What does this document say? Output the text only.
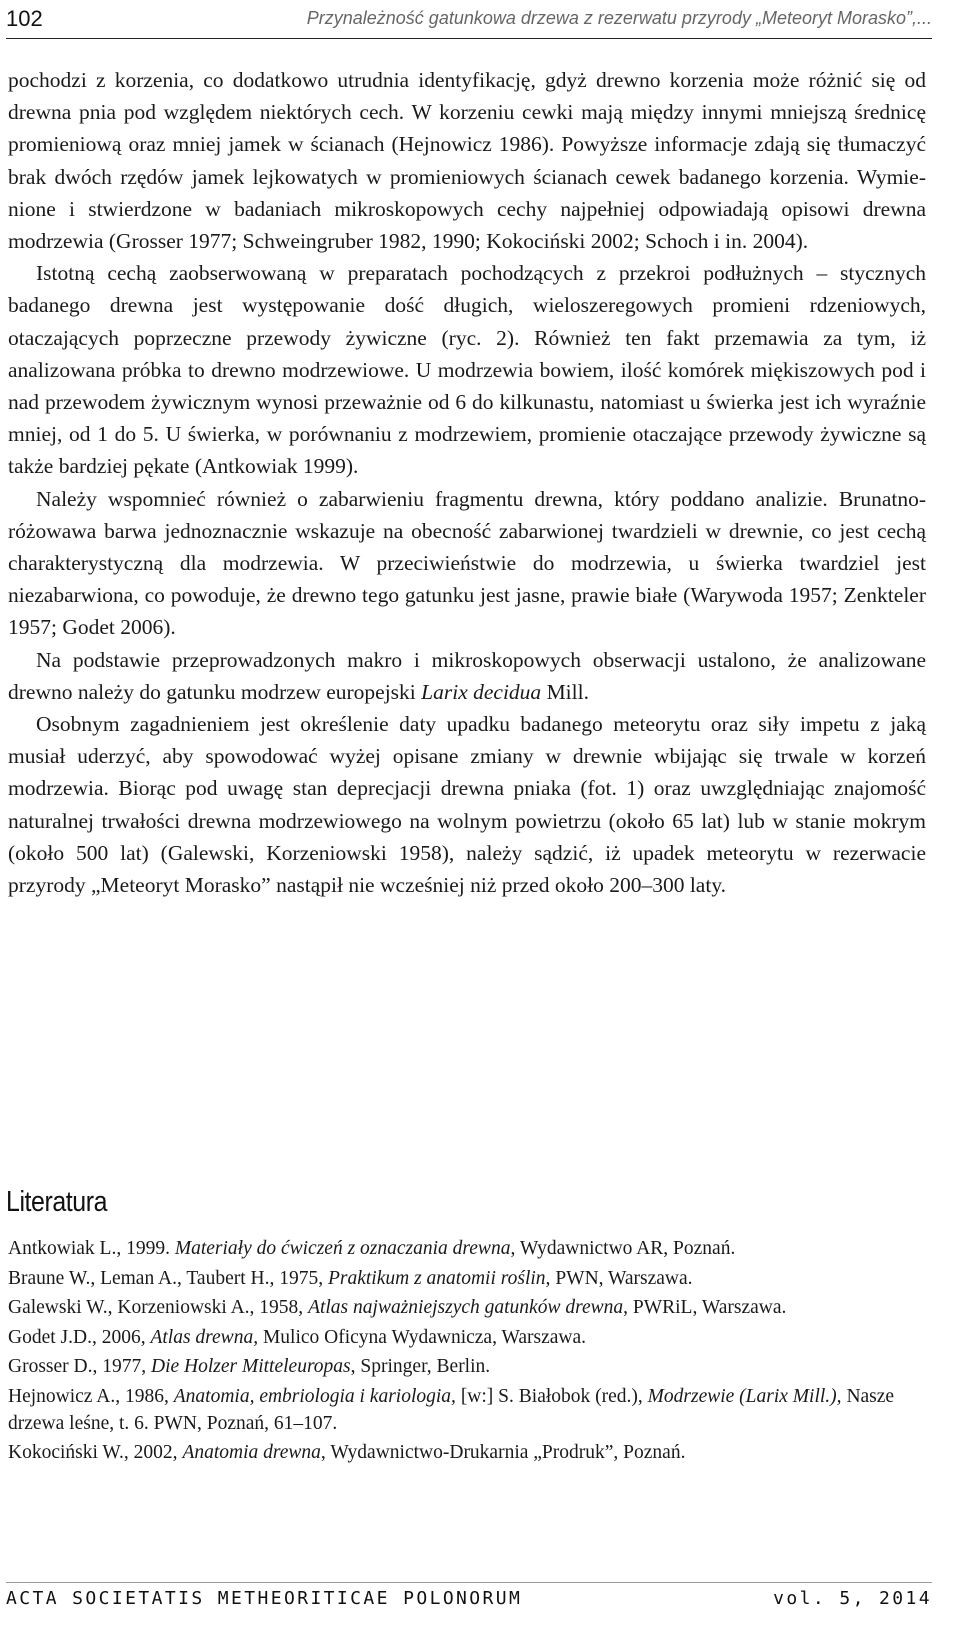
102	Przynależność gatunkowa drzewa z rezerwatu przyrody „Meteoryt Morasko”,...

pochodzi z korzenia, co dodatkowo utrudnia identyfikację, gdyż drewno korzenia może różnić się od drewna pnia pod względem niektórych cech. W korzeniu cewki mają między innymi mniejszą średnicę promieniową oraz mniej jamek w ścianach (Hejnowicz 1986). Powyższe informacje zdają się tłumaczyć brak dwóch rzędów jamek lejkowatych w promieniowych ścianach cewek badanego korzenia. Wymienione i stwierdzone w badaniach mikroskopowych cechy najpełniej odpowiadają opisowi drewna modrzewia (Grosser 1977; Schweingruber 1982, 1990; Kokociński 2002; Schoch i in. 2004).

Istotną cechą zaobserwowaną w preparatach pochodzących z przekroi podłużnych – stycznych badanego drewna jest występowanie dość długich, wieloszeregowych promieni rdzeniowych, otaczających poprzeczne przewody żywiczne (ryc. 2). Również ten fakt przemawia za tym, iż analizowana próbka to drewno modrzewiowe. U modrzewia bowiem, ilość komórek miękiszowych pod i nad przewodem żywicznym wynosi przeważnie od 6 do kilkunastu, natomiast u świerka jest ich wyraźnie mniej, od 1 do 5. U świerka, w porównaniu z modrzewiem, promienie otaczające przewody żywiczne są także bardziej pękate (Antkowiak 1999).

Należy wspomnieć również o zabarwieniu fragmentu drewna, który poddano analizie. Brunatno-różowawa barwa jednoznacznie wskazuje na obecność zabarwionej twardzieli w drewnie, co jest cechą charakterystyczną dla modrzewia. W przeciwieństwie do modrzewia, u świerka twardziel jest niezabarwiona, co powoduje, że drewno tego gatunku jest jasne, prawie białe (Warywoda 1957; Zenkteler 1957; Godet 2006).

Na podstawie przeprowadzonych makro i mikroskopowych obserwacji ustalono, że analizowane drewno należy do gatunku modrzew europejski Larix decidua Mill.

Osobnym zagadnieniem jest określenie daty upadku badanego meteorytu oraz siły impetu z jaką musiał uderzyć, aby spowodować wyżej opisane zmiany w drewnie wbijając się trwale w korzeń modrzewia. Biorąc pod uwagę stan deprecjacji drewna pniaka (fot. 1) oraz uwzględniając znajomość naturalnej trwałości drewna modrzewiowego na wolnym powietrzu (około 65 lat) lub w stanie mokrym (około 500 lat) (Galewski, Korzeniowski 1958), należy sądzić, iż upadek meteorytu w rezerwacie przyrody „Meteoryt Morasko” nastąpił nie wcześniej niż przed około 200–300 laty.

Literatura

Antkowiak L., 1999. Materiały do ćwiczeń z oznaczania drewna, Wydawnictwo AR, Poznań.

Braune W., Leman A., Taubert H., 1975, Praktikum z anatomii roślin, PWN, Warszawa.

Galewski W., Korzeniowski A., 1958, Atlas najważniejszych gatunków drewna, PWRiL, Warszawa.

Godet J.D., 2006, Atlas drewna, Mulico Oficyna Wydawnicza, Warszawa.

Grosser D., 1977, Die Holzer Mitteleuropas, Springer, Berlin.

Hejnowicz A., 1986, Anatomia, embriologia i kariologia, [w:] S. Białobok (red.), Modrzewie (Larix Mill.), Nasze drzewa leśne, t. 6. PWN, Poznań, 61–107.

Kokociński W., 2002, Anatomia drewna, Wydawnictwo-Drukarnia „Prodruk”, Poznań.

ACTA SOCIETATIS METHEORITICAE POLONORUM	vol. 5, 2014
